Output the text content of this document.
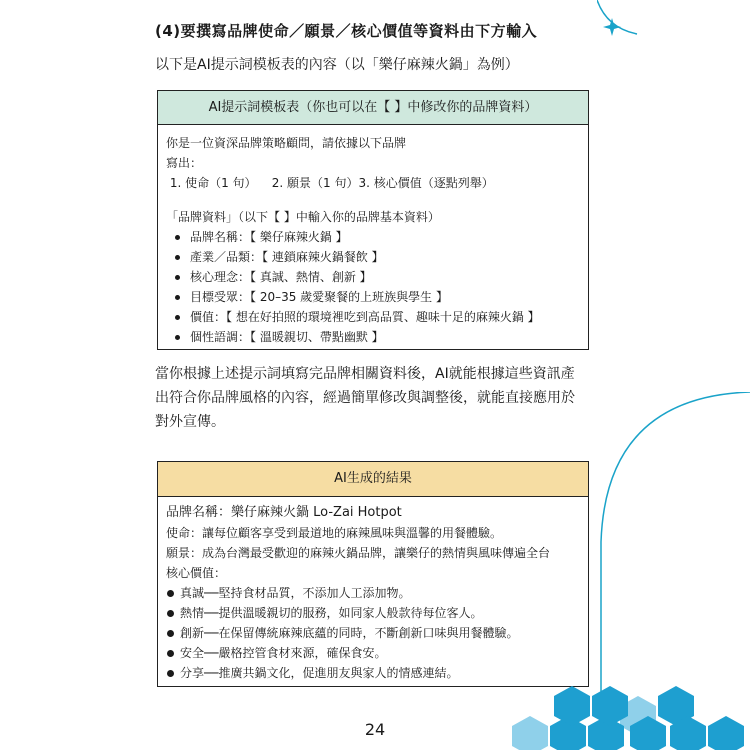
(4)要撰寫品牌使命／願景／核心價值等資料由下方輸入
以下是AI提示詞模板表的內容（以「樂仔麻辣火鍋」為例）
AI提示詞模板表（你也可以在【 】中修改你的品牌資料）
你是一位資深品牌策略顧問，請依據以下品牌
寫出：
1. 使命（1 句）    2. 願景（1 句）3. 核心價值（逐點列舉）
「品牌資料」（以下【 】中輸入你的品牌基本資料）
品牌名稱：【 樂仔麻辣火鍋 】
產業／品類：【 連鎖麻辣火鍋餐飲 】
核心理念：【 真誠、熱情、創新 】
目標受眾：【 20–35 歲愛聚餐的上班族與學生 】
價值：【 想在好拍照的環境裡吃到高品質、趣味十足的麻辣火鍋 】
個性語調：【 溫暖親切、帶點幽默 】
當你根據上述提示詞填寫完品牌相關資料後，AI就能根據這些資訊產
出符合你品牌風格的內容，經過簡單修改與調整後，就能直接應用於
對外宣傳。
AI生成的結果
品牌名稱：樂仔麻辣火鍋 Lo-Zai Hotpot
使命：讓每位顧客享受到最道地的麻辣風味與溫馨的用餐體驗。
願景：成為台灣最受歡迎的麻辣火鍋品牌，讓樂仔的熱情與風味傳遍全台
核心價值：
真誠──堅持食材品質，不添加人工添加物。
熱情──提供溫暖親切的服務，如同家人般款待每位客人。
創新──在保留傳統麻辣底蘊的同時，不斷創新口味與用餐體驗。
安全──嚴格控管食材來源，確保食安。
分享──推廣共鍋文化，促進朋友與家人的情感連結。
24
